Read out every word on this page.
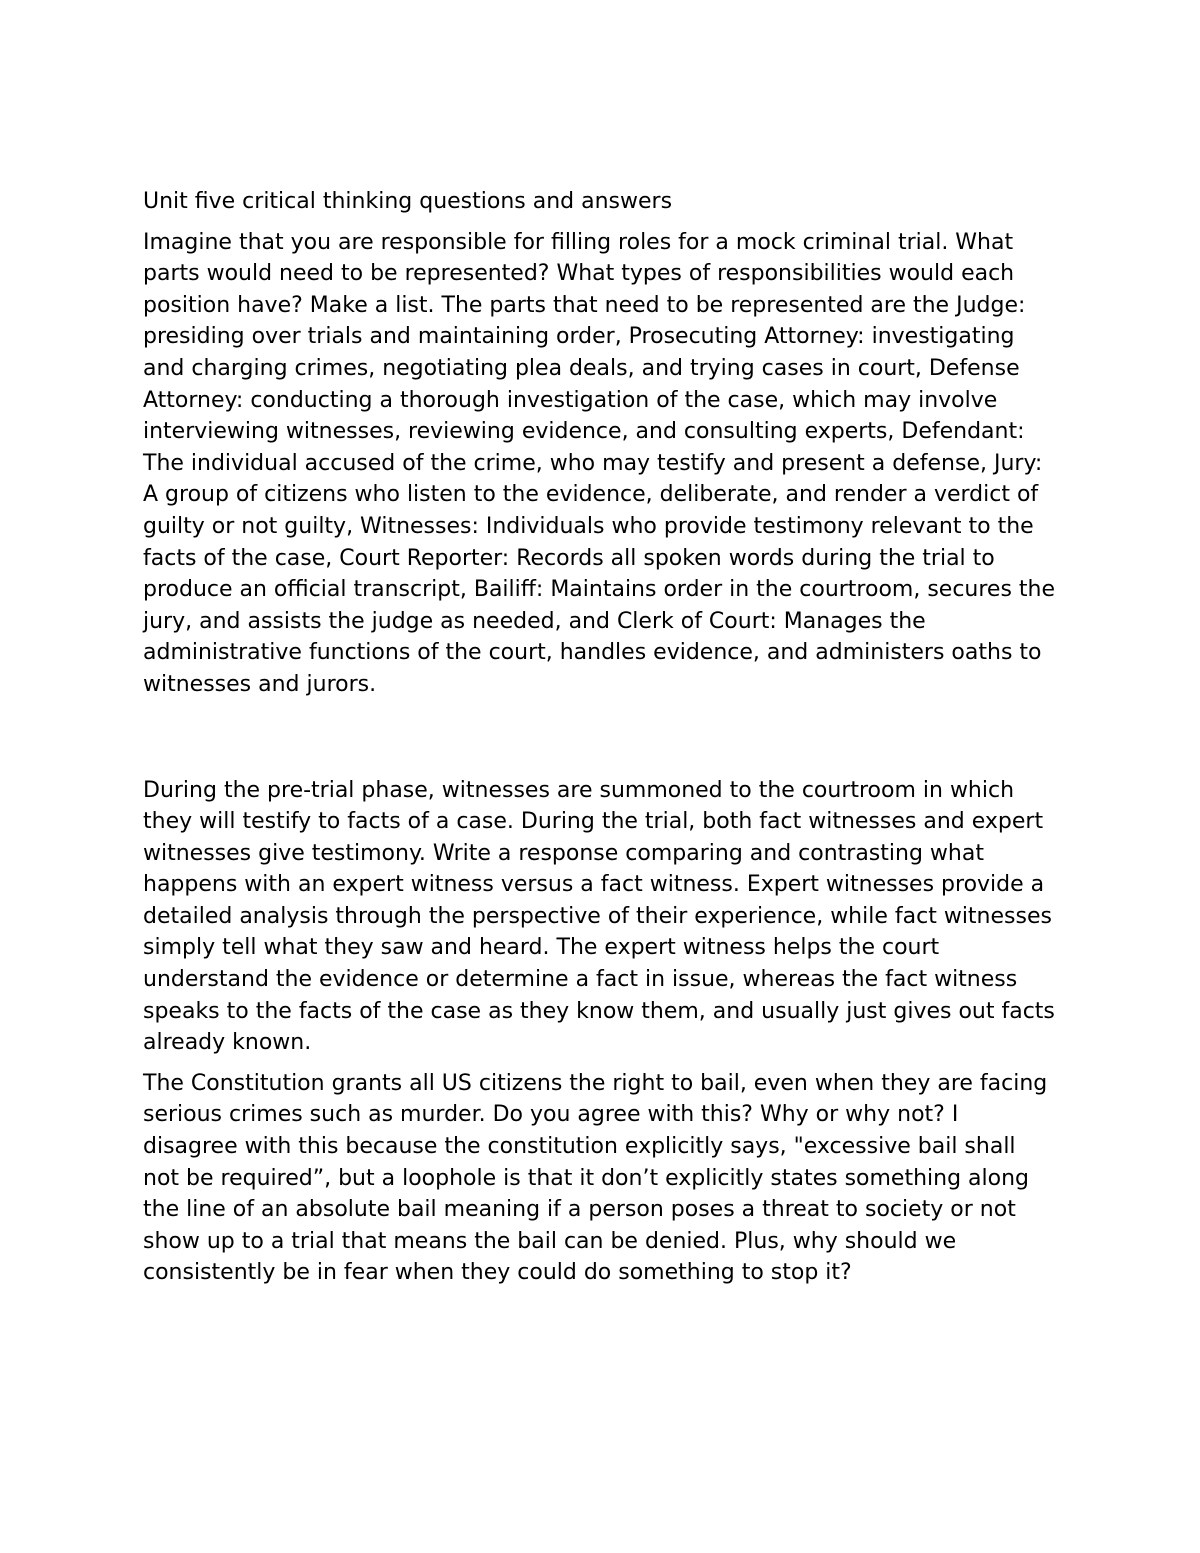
Unit five critical thinking questions and answers

Imagine that you are responsible for filling roles for a mock criminal trial. What parts would need to be represented? What types of responsibilities would each position have? Make a list. The parts that need to be represented are the Judge: presiding over trials and maintaining order, Prosecuting Attorney: investigating and charging crimes, negotiating plea deals, and trying cases in court, Defense Attorney: conducting a thorough investigation of the case, which may involve interviewing witnesses, reviewing evidence, and consulting experts, Defendant: The individual accused of the crime, who may testify and present a defense, Jury: A group of citizens who listen to the evidence, deliberate, and render a verdict of guilty or not guilty, Witnesses: Individuals who provide testimony relevant to the facts of the case, Court Reporter: Records all spoken words during the trial to produce an official transcript, Bailiff: Maintains order in the courtroom, secures the jury, and assists the judge as needed, and Clerk of Court: Manages the administrative functions of the court, handles evidence, and administers oaths to witnesses and jurors.

During the pre-trial phase, witnesses are summoned to the courtroom in which they will testify to facts of a case. During the trial, both fact witnesses and expert witnesses give testimony. Write a response comparing and contrasting what happens with an expert witness versus a fact witness. Expert witnesses provide a detailed analysis through the perspective of their experience, while fact witnesses simply tell what they saw and heard. The expert witness helps the court understand the evidence or determine a fact in issue, whereas the fact witness speaks to the facts of the case as they know them, and usually just gives out facts already known.

The Constitution grants all US citizens the right to bail, even when they are facing serious crimes such as murder. Do you agree with this? Why or why not? I disagree with this because the constitution explicitly says, "excessive bail shall not be required”, but a loophole is that it don’t explicitly states something along the line of an absolute bail meaning if a person poses a threat to society or not show up to a trial that means the bail can be denied. Plus, why should we consistently be in fear when they could do something to stop it?
